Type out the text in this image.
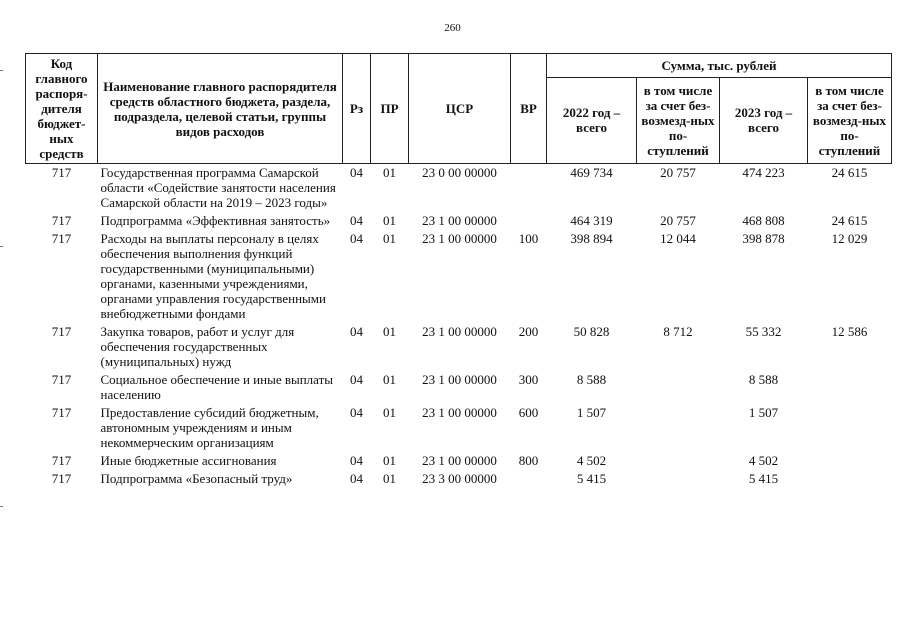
260
Код главного распоря-дителя бюджет-ных средств	Наименование главного распорядителя средств областного бюджета, раздела, подраздела, целевой статьи, группы видов расходов	Рз	ПР	ЦСР	ВР	Сумма, тыс. рублей			
						2022 год – всего	в том числе за счет без-возмезд-ных по-ступлений	2023 год – всего	в том числе за счет без-возмезд-ных по-ступлений
717	Государственная программа Самарской области «Содействие занятости населения Самарской области на 2019 – 2023 годы»	04	01	23 0 00 00000		469 734	20 757	474 223	24 615
717	Подпрограмма «Эффективная занятость»	04	01	23 1 00 00000		464 319	20 757	468 808	24 615
717	Расходы на выплаты персоналу в целях обеспечения выполнения функций государственными (муниципальными) органами, казенными учреждениями, органами управления государственными внебюджетными фондами	04	01	23 1 00 00000	100	398 894	12 044	398 878	12 029
717	Закупка товаров, работ и услуг для обеспечения государственных (муниципальных) нужд	04	01	23 1 00 00000	200	50 828	8 712	55 332	12 586
717	Социальное обеспечение и иные выплаты населению	04	01	23 1 00 00000	300	8 588		8 588	
717	Предоставление субсидий бюджетным, автономным учреждениям и иным некоммерческим организациям	04	01	23 1 00 00000	600	1 507		1 507	
717	Иные бюджетные ассигнования	04	01	23 1 00 00000	800	4 502		4 502	
717	Подпрограмма «Безопасный труд»	04	01	23 3 00 00000		5 415		5 415	
